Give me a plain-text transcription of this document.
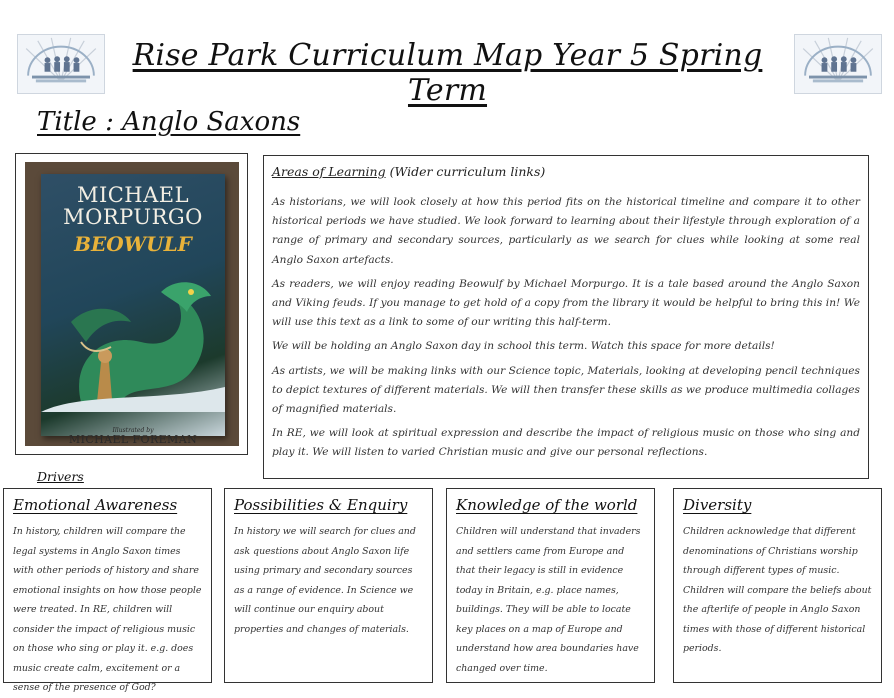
Rise Park Curriculum Map Year 5 Spring Term
Title : Anglo Saxons
MICHAEL MORPURGO
BEOWULF
Illustrated by
MICHAEL FOREMAN
Areas of Learning (Wider curriculum links)

As historians, we will look closely at how this period fits on the historical timeline and compare it to other historical periods we have studied. We look forward to learning about their lifestyle through exploration of a range of primary and secondary sources, particularly as we search for clues while looking at some real Anglo Saxon artefacts.

As readers, we will enjoy reading Beowulf by Michael Morpurgo. It is a tale based around the Anglo Saxon and Viking feuds. If you manage to get hold of a copy from the library it would be helpful to bring this in! We will use this text as a link to some of our writing this half-term.

We will be holding an Anglo Saxon day in school this term. Watch this space for more details!

As artists, we will be making links with our Science topic, Materials, looking at developing pencil techniques to depict textures of different materials. We will then transfer these skills as we produce multimedia collages of magnified materials.

In RE, we will look at spiritual expression and describe the impact of religious music on those who sing and play it. We will listen to varied Christian music and give our personal reflections.

Drivers
Emotional Awareness

In history, children will compare the legal systems in Anglo Saxon times with other periods of history and share emotional insights on how those people were treated. In RE, children will consider the impact of religious music on those who sing or play it. e.g. does music create calm, excitement or a sense of the presence of God?

Possibilities & Enquiry

In history we will search for clues and ask questions about Anglo Saxon life using primary and secondary sources as a range of evidence. In Science we will continue our enquiry about properties and changes of materials.

Knowledge of the world

Children will understand that invaders and settlers came from Europe and that their legacy is still in evidence today in Britain, e.g. place names, buildings. They will be able to locate key places on a map of Europe and understand how area boundaries have changed over time.

Diversity

Children acknowledge that different denominations of Christians worship through different types of music. Children will compare the beliefs about the afterlife of people in Anglo Saxon times with those of different historical periods.
